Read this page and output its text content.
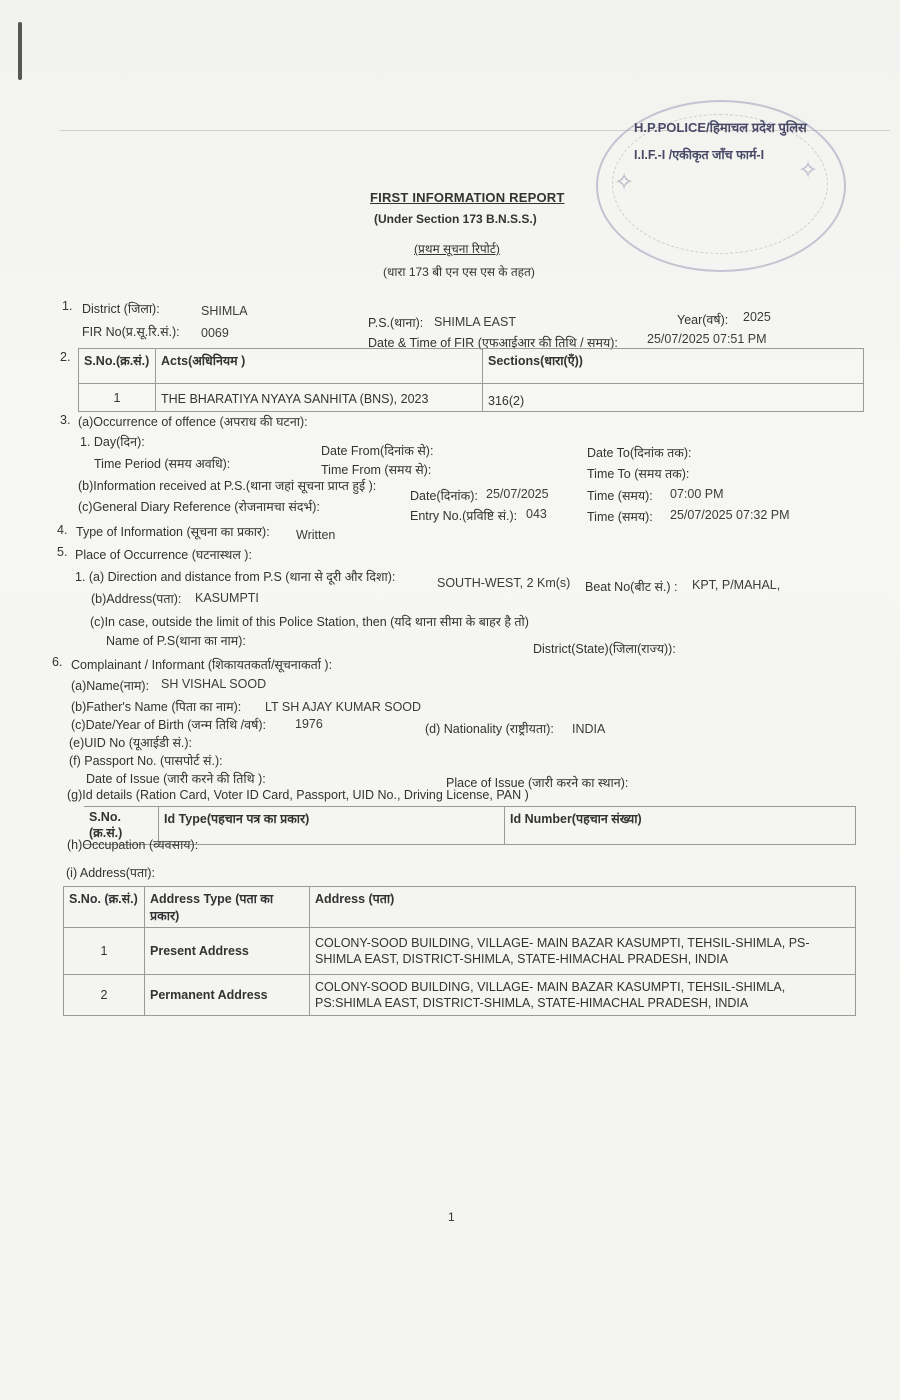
✧	✧
H.P.POLICE/हिमाचल प्रदेश पुलिस
I.I.F.-I /एकीकृत जाँच फार्म-I
FIRST INFORMATION REPORT
(Under Section 173 B.N.S.S.)
(प्रथम सूचना रिपोर्ट)
(धारा 173 बी एन एस एस के तहत)
1. District (जिला):	SHIMLA
P.S.(थाना): SHIMLA EAST	Year(वर्ष): 2025
FIR No(प्र.सू.रि.सं.): 0069
Date & Time of FIR (एफआईआर की तिथि / समय): 25/07/2025 07:51 PM
2. S.No.(क्र.सं.)	Acts(अधिनियम )	Sections(धारा(एँ))
1	THE BHARATIYA NYAYA SANHITA (BNS), 2023	316(2)
3. (a)Occurrence of offence (अपराध की घटना):
1. Day(दिन):
Date From(दिनांक से):	Date To(दिनांक तक):
Time Period (समय अवधि):	Time From (समय से):	Time To (समय तक):
(b)Information received at P.S.(थाना जहां सूचना प्राप्त हुई ):
Date(दिनांक): 25/07/2025	Time (समय): 07:00 PM
(c)General Diary Reference (रोजनामचा संदर्भ):
Entry No.(प्रविष्टि सं.): 043	Time (समय): 25/07/2025 07:32 PM
4. Type of Information (सूचना का प्रकार): Written
5. Place of Occurrence (घटनास्थल ):
1. (a) Direction and distance from P.S (थाना से दूरी और दिशा):	SOUTH-WEST, 2 Km(s) Beat No(बीट सं.) : KPT, P/MAHAL,
(b)Address(पता): KASUMPTI
(c)In case, outside the limit of this Police Station, then (यदि थाना सीमा के बाहर है तो)
Name of P.S(थाना का नाम):
District(State)(जिला(राज्य)):
6. Complainant / Informant (शिकायतकर्ता/सूचनाकर्ता ):
(a)Name(नाम): SH VISHAL SOOD
(b)Father's Name (पिता का नाम): LT SH AJAY KUMAR SOOD
(c)Date/Year of Birth (जन्म तिथि /वर्ष): 1976	(d) Nationality (राष्ट्रीयता): INDIA
(e)UID No (यूआईडी सं.):
(f) Passport No. (पासपोर्ट सं.):
Date of Issue (जारी करने की तिथि ):	Place of Issue (जारी करने का स्थान):
(g)Id details (Ration Card, Voter ID Card, Passport, UID No., Driving License, PAN )
S.No.(क्र.सं.)	Id Type(पहचान पत्र का प्रकार)	Id Number(पहचान संख्या)
(h)Occupation (व्यवसाय):
(i) Address(पता):
S.No. (क्र.सं.)	Address Type (पता का प्रकार)	Address (पता)
1	Present Address	COLONY-SOOD BUILDING, VILLAGE- MAIN BAZAR KASUMPTI, TEHSIL-SHIMLA, PS-SHIMLA EAST, DISTRICT-SHIMLA, STATE-HIMACHAL PRADESH, INDIA
2	Permanent Address	COLONY-SOOD BUILDING, VILLAGE- MAIN BAZAR KASUMPTI, TEHSIL-SHIMLA, PS:SHIMLA EAST, DISTRICT-SHIMLA, STATE-HIMACHAL PRADESH, INDIA
1
